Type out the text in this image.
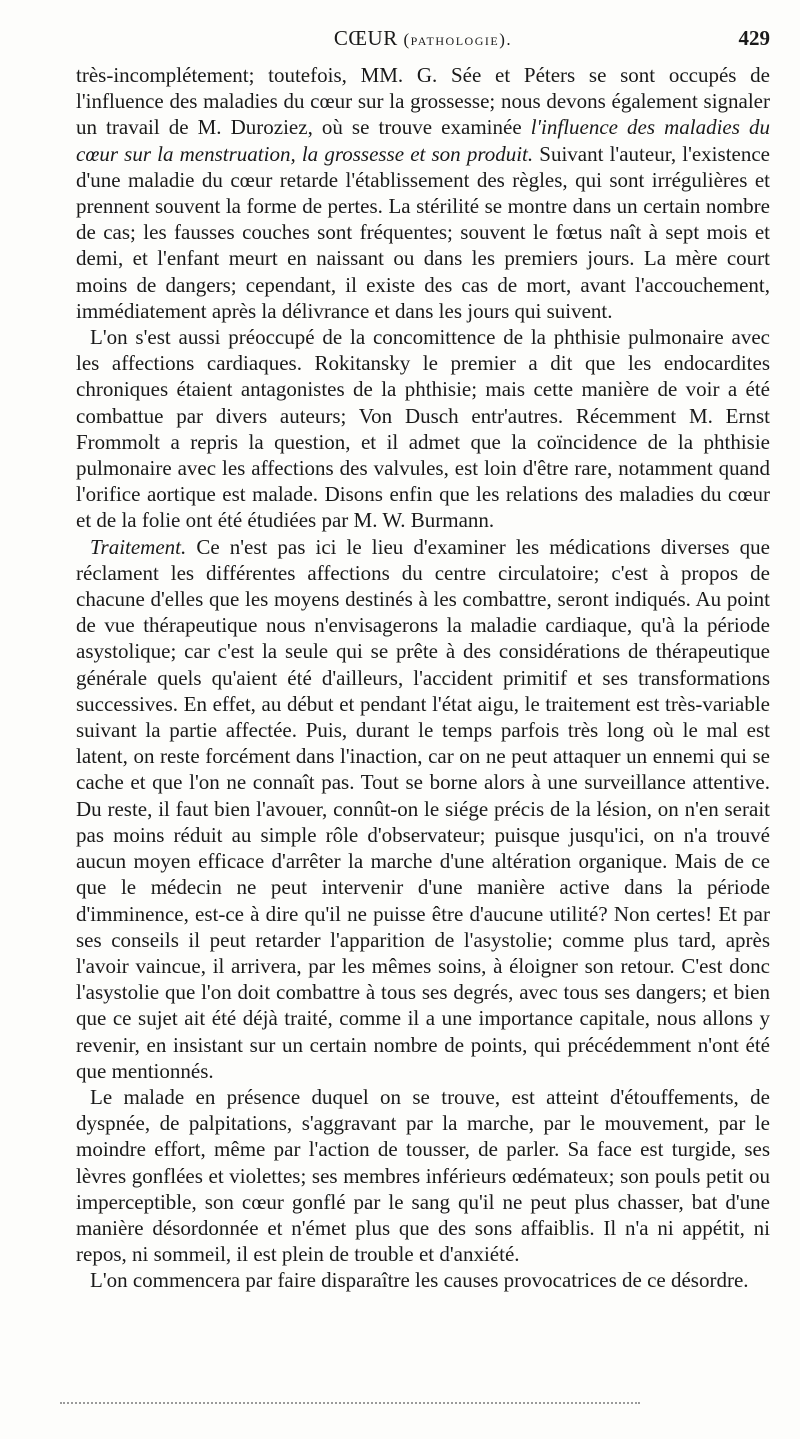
CŒUR (pathologie).	429

très-incomplétement; toutefois, MM. G. Sée et Péters se sont occupés de l'influence des maladies du cœur sur la grossesse; nous devons également signaler un travail de M. Duroziez, où se trouve examinée l'influence des maladies du cœur sur la menstruation, la grossesse et son produit. Suivant l'auteur, l'existence d'une maladie du cœur retarde l'établissement des règles, qui sont irrégulières et prennent souvent la forme de pertes. La stérilité se montre dans un certain nombre de cas; les fausses couches sont fréquentes; souvent le fœtus naît à sept mois et demi, et l'enfant meurt en naissant ou dans les premiers jours. La mère court moins de dangers; cependant, il existe des cas de mort, avant l'accouchement, immédiatement après la délivrance et dans les jours qui suivent.

L'on s'est aussi préoccupé de la concomittence de la phthisie pulmonaire avec les affections cardiaques. Rokitansky le premier a dit que les endocardites chroniques étaient antagonistes de la phthisie; mais cette manière de voir a été combattue par divers auteurs; Von Dusch entr'autres. Récemment M. Ernst Frommolt a repris la question, et il admet que la coïncidence de la phthisie pulmonaire avec les affections des valvules, est loin d'être rare, notamment quand l'orifice aortique est malade. Disons enfin que les relations des maladies du cœur et de la folie ont été étudiées par M. W. Burmann.

Traitement. Ce n'est pas ici le lieu d'examiner les médications diverses que réclament les différentes affections du centre circulatoire; c'est à propos de chacune d'elles que les moyens destinés à les combattre, seront indiqués. Au point de vue thérapeutique nous n'envisagerons la maladie cardiaque, qu'à la période asystolique; car c'est la seule qui se prête à des considérations de thérapeutique générale quels qu'aient été d'ailleurs, l'accident primitif et ses transformations successives. En effet, au début et pendant l'état aigu, le traitement est très-variable suivant la partie affectée. Puis, durant le temps parfois très long où le mal est latent, on reste forcément dans l'inaction, car on ne peut attaquer un ennemi qui se cache et que l'on ne connaît pas. Tout se borne alors à une surveillance attentive. Du reste, il faut bien l'avouer, connût-on le siége précis de la lésion, on n'en serait pas moins réduit au simple rôle d'observateur; puisque jusqu'ici, on n'a trouvé aucun moyen efficace d'arrêter la marche d'une altération organique. Mais de ce que le médecin ne peut intervenir d'une manière active dans la période d'imminence, est-ce à dire qu'il ne puisse être d'aucune utilité? Non certes! Et par ses conseils il peut retarder l'apparition de l'asystolie; comme plus tard, après l'avoir vaincue, il arrivera, par les mêmes soins, à éloigner son retour. C'est donc l'asystolie que l'on doit combattre à tous ses degrés, avec tous ses dangers; et bien que ce sujet ait été déjà traité, comme il a une importance capitale, nous allons y revenir, en insistant sur un certain nombre de points, qui précédemment n'ont été que mentionnés.

Le malade en présence duquel on se trouve, est atteint d'étouffements, de dyspnée, de palpitations, s'aggravant par la marche, par le mouvement, par le moindre effort, même par l'action de tousser, de parler. Sa face est turgide, ses lèvres gonflées et violettes; ses membres inférieurs œdémateux; son pouls petit ou imperceptible, son cœur gonflé par le sang qu'il ne peut plus chasser, bat d'une manière désordonnée et n'émet plus que des sons affaiblis. Il n'a ni appétit, ni repos, ni sommeil, il est plein de trouble et d'anxiété.

L'on commencera par faire disparaître les causes provocatrices de ce désordre.
